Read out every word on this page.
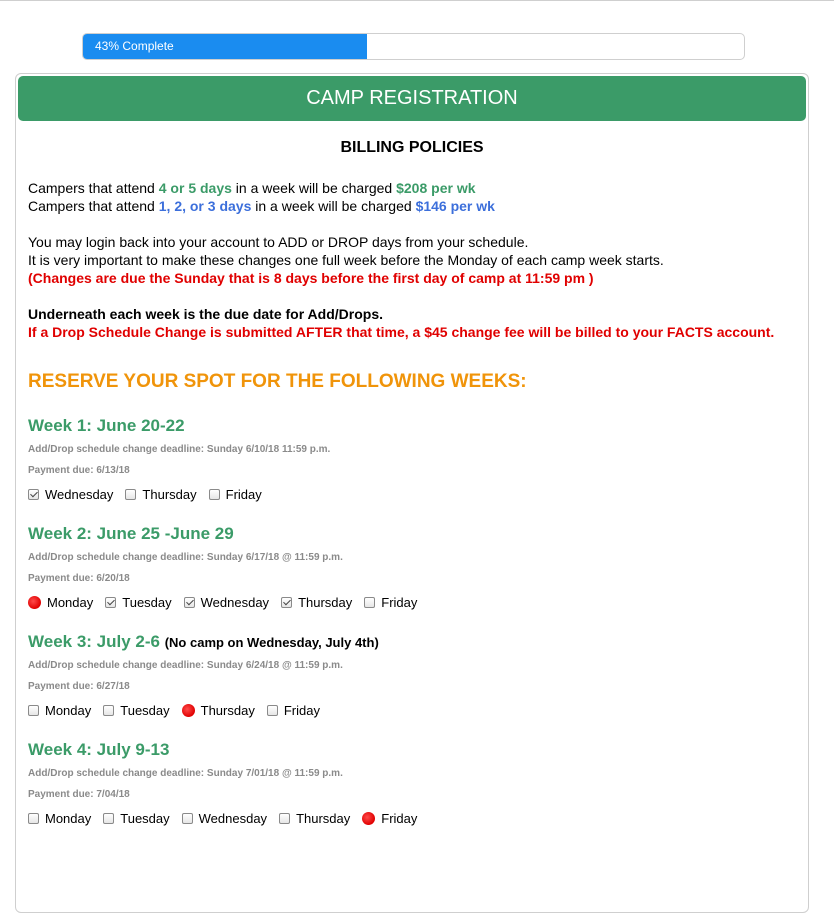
43% Complete
CAMP REGISTRATION
BILLING POLICIES
Campers that attend 4 or 5 days in a week will be charged $208 per wk
Campers that attend 1, 2, or 3 days in a week will be charged $146 per wk
You may login back into your account to ADD or DROP days from your schedule.
It is very important to make these changes one full week before the Monday of each camp week starts.
(Changes are due the Sunday that is 8 days before the first day of camp at 11:59 pm )
Underneath each week is the due date for Add/Drops.
If a Drop Schedule Change is submitted AFTER that time, a $45 change fee will be billed to your FACTS account.
RESERVE YOUR SPOT FOR THE FOLLOWING WEEKS:
Week 1: June 20-22
Add/Drop schedule change deadline: Sunday 6/10/18 11:59 p.m.
Payment due: 6/13/18
Wednesday Thursday Friday
Week 2: June 25 -June 29
Add/Drop schedule change deadline: Sunday 6/17/18 @ 11:59 p.m.
Payment due: 6/20/18
Monday Tuesday Wednesday Thursday Friday
Week 3: July 2-6 (No camp on Wednesday, July 4th)
Add/Drop schedule change deadline: Sunday 6/24/18 @ 11:59 p.m.
Payment due: 6/27/18
Monday Tuesday Thursday Friday
Week 4: July 9-13
Add/Drop schedule change deadline: Sunday 7/01/18 @ 11:59 p.m.
Payment due: 7/04/18
Monday Tuesday Wednesday Thursday Friday
